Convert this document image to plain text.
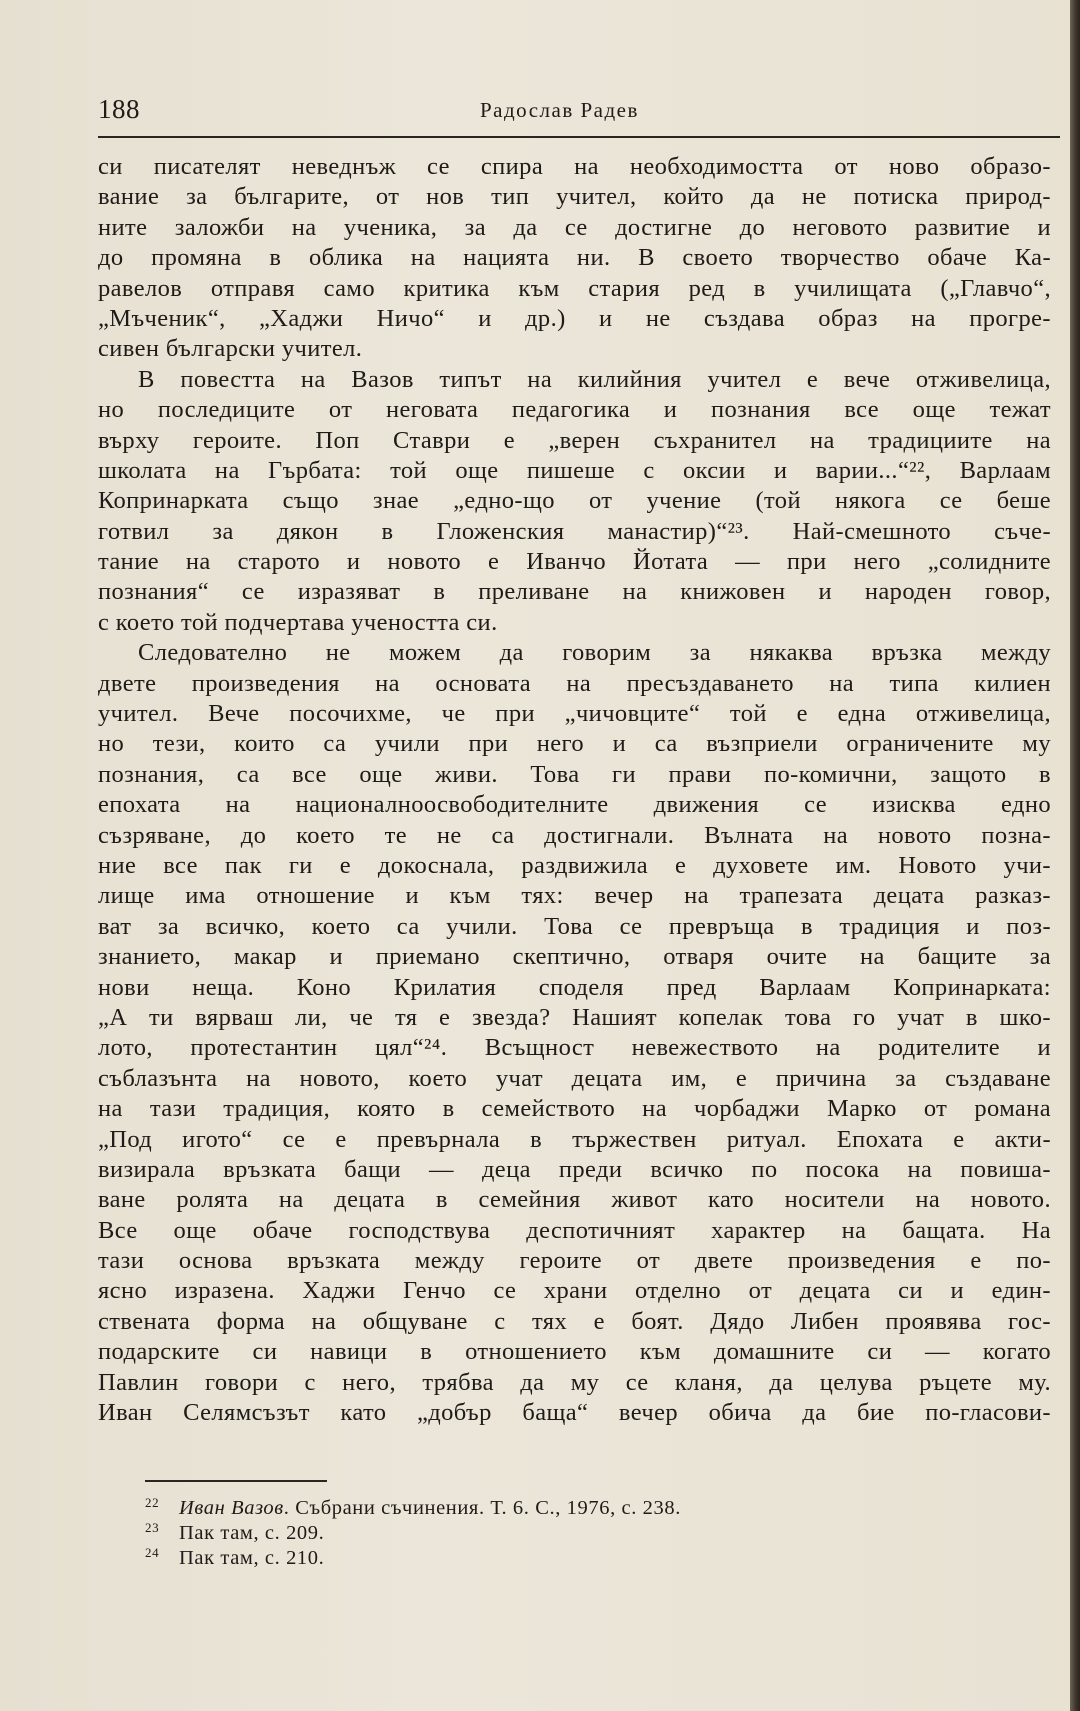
188	Радослав Радев
си писателят неведнъж се спира на необходимостта от ново образо-
вание за българите, от нов тип учител, който да не потиска природ-
ните заложби на ученика, за да се достигне до неговото развитие и
до промяна в облика на нацията ни. В своето творчество обаче Ка-
равелов отправя само критика към стария ред в училищата („Главчо“,
„Мъченик“, „Хаджи Ничо“ и др.) и не създава образ на прогре-
сивен български учител.
В повестта на Вазов типът на килийния учител е вече отживелица,
но последиците от неговата педагогика и познания все още тежат
върху героите. Поп Ставри е „верен съхранител на традициите на
школата на Гърбата: той още пишеше с оксии и варии...“²², Варлаам
Копринарката също знае „едно-що от учение (той някога се беше
готвил за дякон в Гложенския манастир)“²³. Най-смешното съче-
тание на старото и новото е Иванчо Йотата — при него „солидните
познания“ се изразяват в преливане на книжовен и народен говор,
с което той подчертава учеността си.
Следователно не можем да говорим за някаква връзка между
двете произведения на основата на пресъздаването на типа килиен
учител. Вече посочихме, че при „чичовците“ той е една отживелица,
но тези, които са учили при него и са възприели ограничените му
познания, са все още живи. Това ги прави по-комични, защото в
епохата на националноосвободителните движения се изисква едно
съзряване, до което те не са достигнали. Вълната на новото позна-
ние все пак ги е докоснала, раздвижила е духовете им. Новото учи-
лище има отношение и към тях: вечер на трапезата децата разказ-
ват за всичко, което са учили. Това се превръща в традиция и поз-
знанието, макар и приемано скептично, отваря очите на бащите за
нови неща. Коно Крилатия споделя пред Варлаам Копринарката:
„А ти вярваш ли, че тя е звезда? Нашият копелак това го учат в шко-
лото, протестантин цял“²⁴. Всъщност невежеството на родителите и
съблазънта на новото, което учат децата им, е причина за създаване
на тази традиция, която в семейството на чорбаджи Марко от романа
„Под игото“ се е превърнала в тържествен ритуал. Епохата е акти-
визирала връзката бащи — деца преди всичко по посока на повиша-
ване ролята на децата в семейния живот като носители на новото.
Все още обаче господствува деспотичният характер на бащата. На
тази основа връзката между героите от двете произведения е по-
ясно изразена. Хаджи Генчо се храни отделно от децата си и един-
ствената форма на общуване с тях е боят. Дядо Либен проявява гос-
подарските си навици в отношението към домашните си — когато
Павлин говори с него, трябва да му се кланя, да целува ръцете му.
Иван Селямсъзът като „добър баща“ вечер обича да бие по-гласови-
22 Иван Вазов. Събрани съчинения. Т. 6. С., 1976, с. 238.
23 Пак там, с. 209.
24 Пак там, с. 210.
